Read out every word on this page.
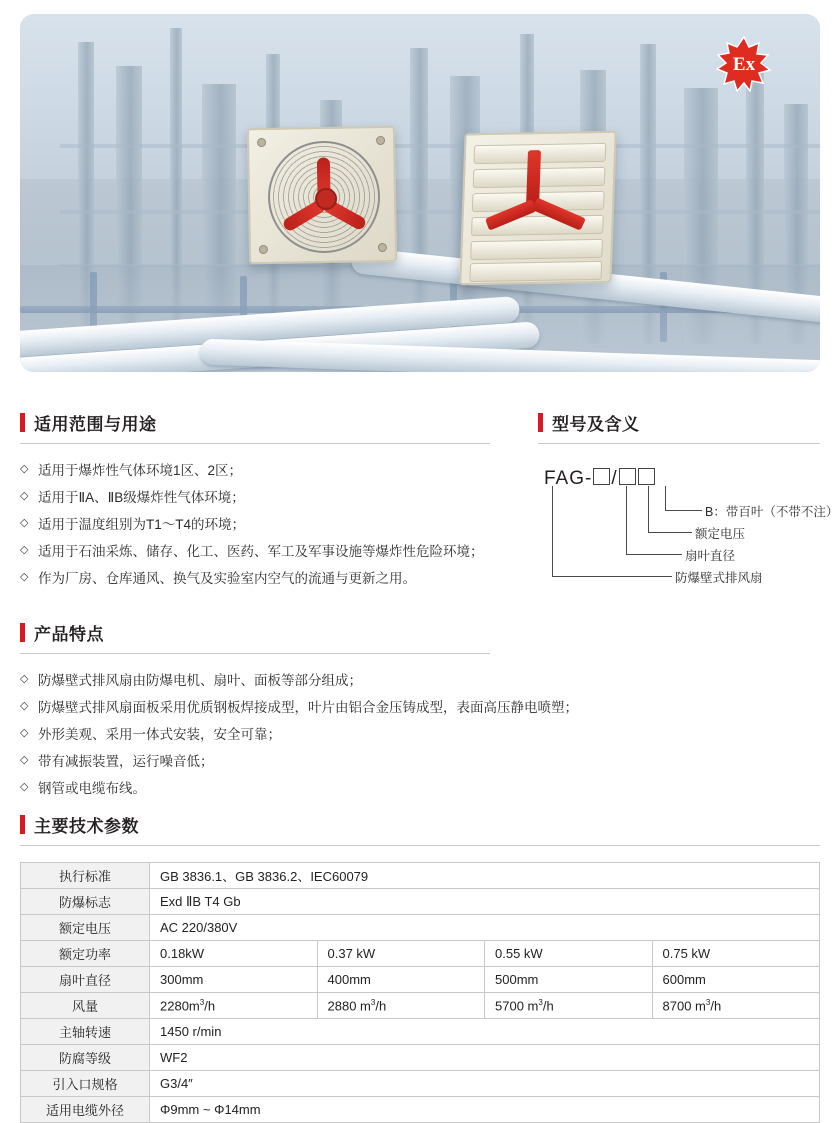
Ex
适用范围与用途
◇ 适用于爆炸性气体环境1区、2区；
◇ 适用于ⅡA、ⅡB级爆炸性气体环境；
◇ 适用于温度组别为T1～T4的环境；
◇ 适用于石油采炼、储存、化工、医药、军工及军事设施等爆炸性危险环境；
◇ 作为厂房、仓库通风、换气及实验室内空气的流通与更新之用。
型号及含义
FAG- /
B：带百叶（不带不注）
额定电压
扇叶直径
防爆壁式排风扇
产品特点
◇ 防爆壁式排风扇由防爆电机、扇叶、面板等部分组成；
◇ 防爆壁式排风扇面板采用优质钢板焊接成型，叶片由铝合金压铸成型，表面高压静电喷塑；
◇ 外形美观、采用一体式安装，安全可靠；
◇ 带有减振装置，运行噪音低；
◇ 钢管或电缆布线。
主要技术参数
执行标准	GB 3836.1、GB 3836.2、IEC60079			
防爆标志	Exd ⅡB T4 Gb			
额定电压	AC 220/380V			
额定功率	0.18kW	0.37 kW	0.55 kW	0.75 kW
扇叶直径	300mm	400mm	500mm	600mm
风量	$2280m^3/h$	2880 $m^3/h$	5700 $m^3/h$	8700 $m^3/h$
主轴转速	1450 r/min			
防腐等级	WF2			
引入口规格	G3/4″			
适用电缆外径	Φ9mm ~ Φ14mm			
